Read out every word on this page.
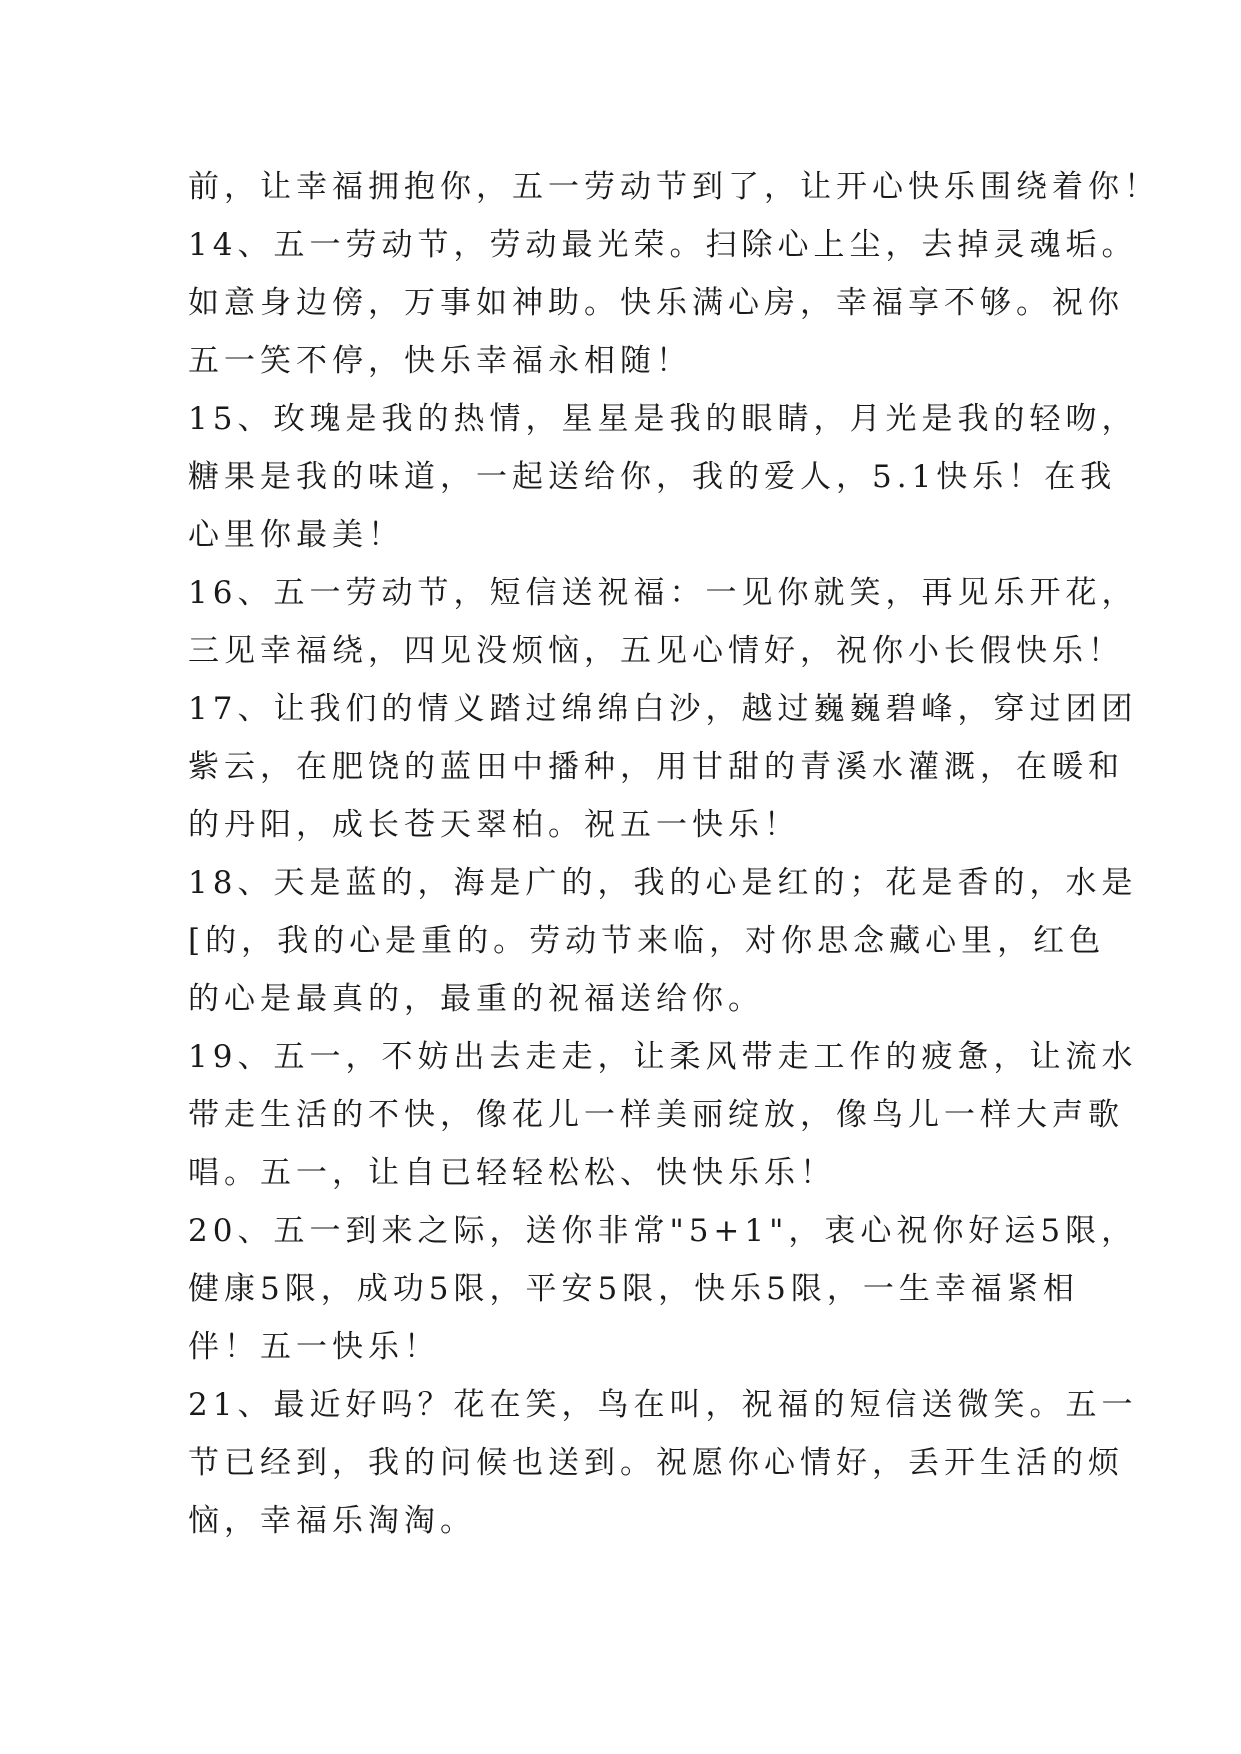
前，让幸福拥抱你，五一劳动节到了，让开心快乐围绕着你！
14、五一劳动节，劳动最光荣。扫除心上尘，去掉灵魂垢。
如意身边傍，万事如神助。快乐满心房，幸福享不够。祝你
五一笑不停，快乐幸福永相随！
15、玫瑰是我的热情，星星是我的眼睛，月光是我的轻吻，
糖果是我的味道，一起送给你，我的爱人，5.1快乐！在我
心里你最美！
16、五一劳动节，短信送祝福：一见你就笑，再见乐开花，
三见幸福绕，四见没烦恼，五见心情好，祝你小长假快乐！
17、让我们的情义踏过绵绵白沙，越过巍巍碧峰，穿过团团
紫云，在肥饶的蓝田中播种，用甘甜的青溪水灌溉，在暖和
的丹阳，成长苍天翠柏。祝五一快乐！
18、天是蓝的，海是广的，我的心是红的；花是香的，水是
[的，我的心是重的。劳动节来临，对你思念藏心里，红色
的心是最真的，最重的祝福送给你。
19、五一，不妨出去走走，让柔风带走工作的疲惫，让流水
带走生活的不快，像花儿一样美丽绽放，像鸟儿一样大声歌
唱。五一，让自已轻轻松松、快快乐乐！
20、五一到来之际，送你非常"5+1"，衷心祝你好运5限，
健康5限，成功5限，平安5限，快乐5限，一生幸福紧相
伴！五一快乐！
21、最近好吗？花在笑，鸟在叫，祝福的短信送微笑。五一
节已经到，我的问候也送到。祝愿你心情好，丢开生活的烦
恼，幸福乐淘淘。
